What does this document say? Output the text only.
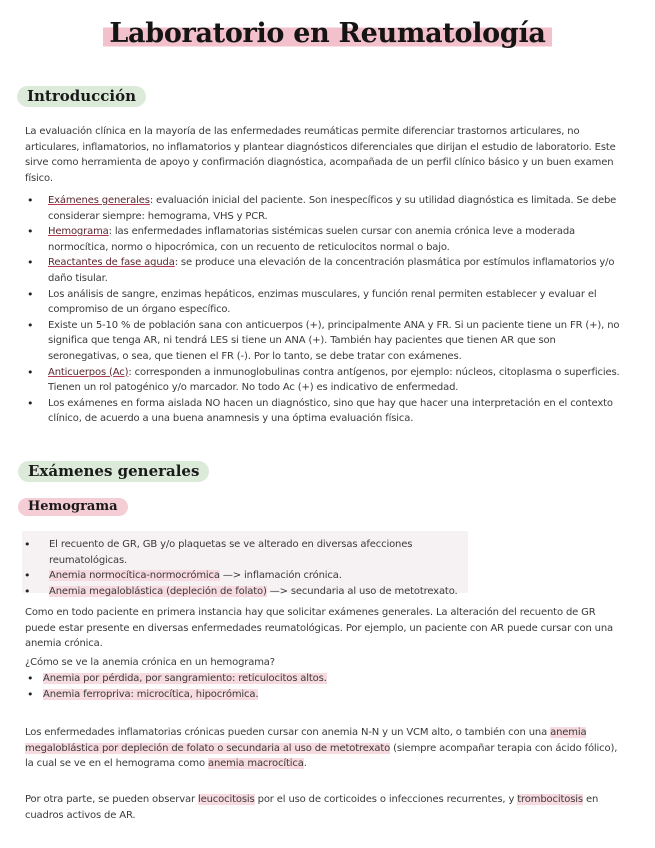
Laboratorio en Reumatología
Introducción

La evaluación clínica en la mayoría de las enfermedades reumáticas permite diferenciar trastornos articulares, no articulares, inflamatorios, no inflamatorios y plantear diagnósticos diferenciales que dirijan el estudio de laboratorio. Este sirve como herramienta de apoyo y confirmación diagnóstica, acompañada de un perfil clínico básico y un buen examen físico.

• Exámenes generales: evaluación inicial del paciente. Son inespecíficos y su utilidad diagnóstica es limitada. Se debe considerar siempre: hemograma, VHS y PCR.
• Hemograma: las enfermedades inflamatorias sistémicas suelen cursar con anemia crónica leve a moderada normocítica, normo o hipocrómica, con un recuento de reticulocitos normal o bajo.
• Reactantes de fase aguda: se produce una elevación de la concentración plasmática por estímulos inflamatorios y/o daño tisular.
• Los análisis de sangre, enzimas hepáticos, enzimas musculares, y función renal permiten establecer y evaluar el compromiso de un órgano específico.
• Existe un 5-10 % de población sana con anticuerpos (+), principalmente ANA y FR. Si un paciente tiene un FR (+), no significa que tenga AR, ni tendrá LES si tiene un ANA (+). También hay pacientes que tienen AR que son seronegativas, o sea, que tienen el FR (-). Por lo tanto, se debe tratar con exámenes.
• Anticuerpos (Ac): corresponden a inmunoglobulinas contra antígenos, por ejemplo: núcleos, citoplasma o superficies. Tienen un rol patogénico y/o marcador. No todo Ac (+) es indicativo de enfermedad.
• Los exámenes en forma aislada NO hacen un diagnóstico, sino que hay que hacer una interpretación en el contexto clínico, de acuerdo a una buena anamnesis y una óptima evaluación física.
Exámenes generales
Hemograma
• El recuento de GR, GB y/o plaquetas se ve alterado en diversas afecciones reumatológicas.
• Anemia normocítica-normocrómica —> inflamación crónica.
• Anemia megaloblástica (depleción de folato) —> secundaria al uso de metotrexato.

Como en todo paciente en primera instancia hay que solicitar exámenes generales. La alteración del recuento de GR puede estar presente en diversas enfermedades reumatológicas. Por ejemplo, un paciente con AR puede cursar con una anemia crónica.

¿Cómo se ve la anemia crónica en un hemograma?
• Anemia por pérdida, por sangramiento: reticulocitos altos.
• Anemia ferropriva: microcítica, hipocrómica.

Los enfermedades inflamatorias crónicas pueden cursar con anemia N-N y un VCM alto, o también con una anemia megaloblástica por depleción de folato o secundaria al uso de metotrexato (siempre acompañar terapia con ácido fólico), la cual se ve en el hemograma como anemia macrocítica.

Por otra parte, se pueden observar leucocitosis por el uso de corticoides o infecciones recurrentes, y trombocitosis en cuadros activos de AR.
